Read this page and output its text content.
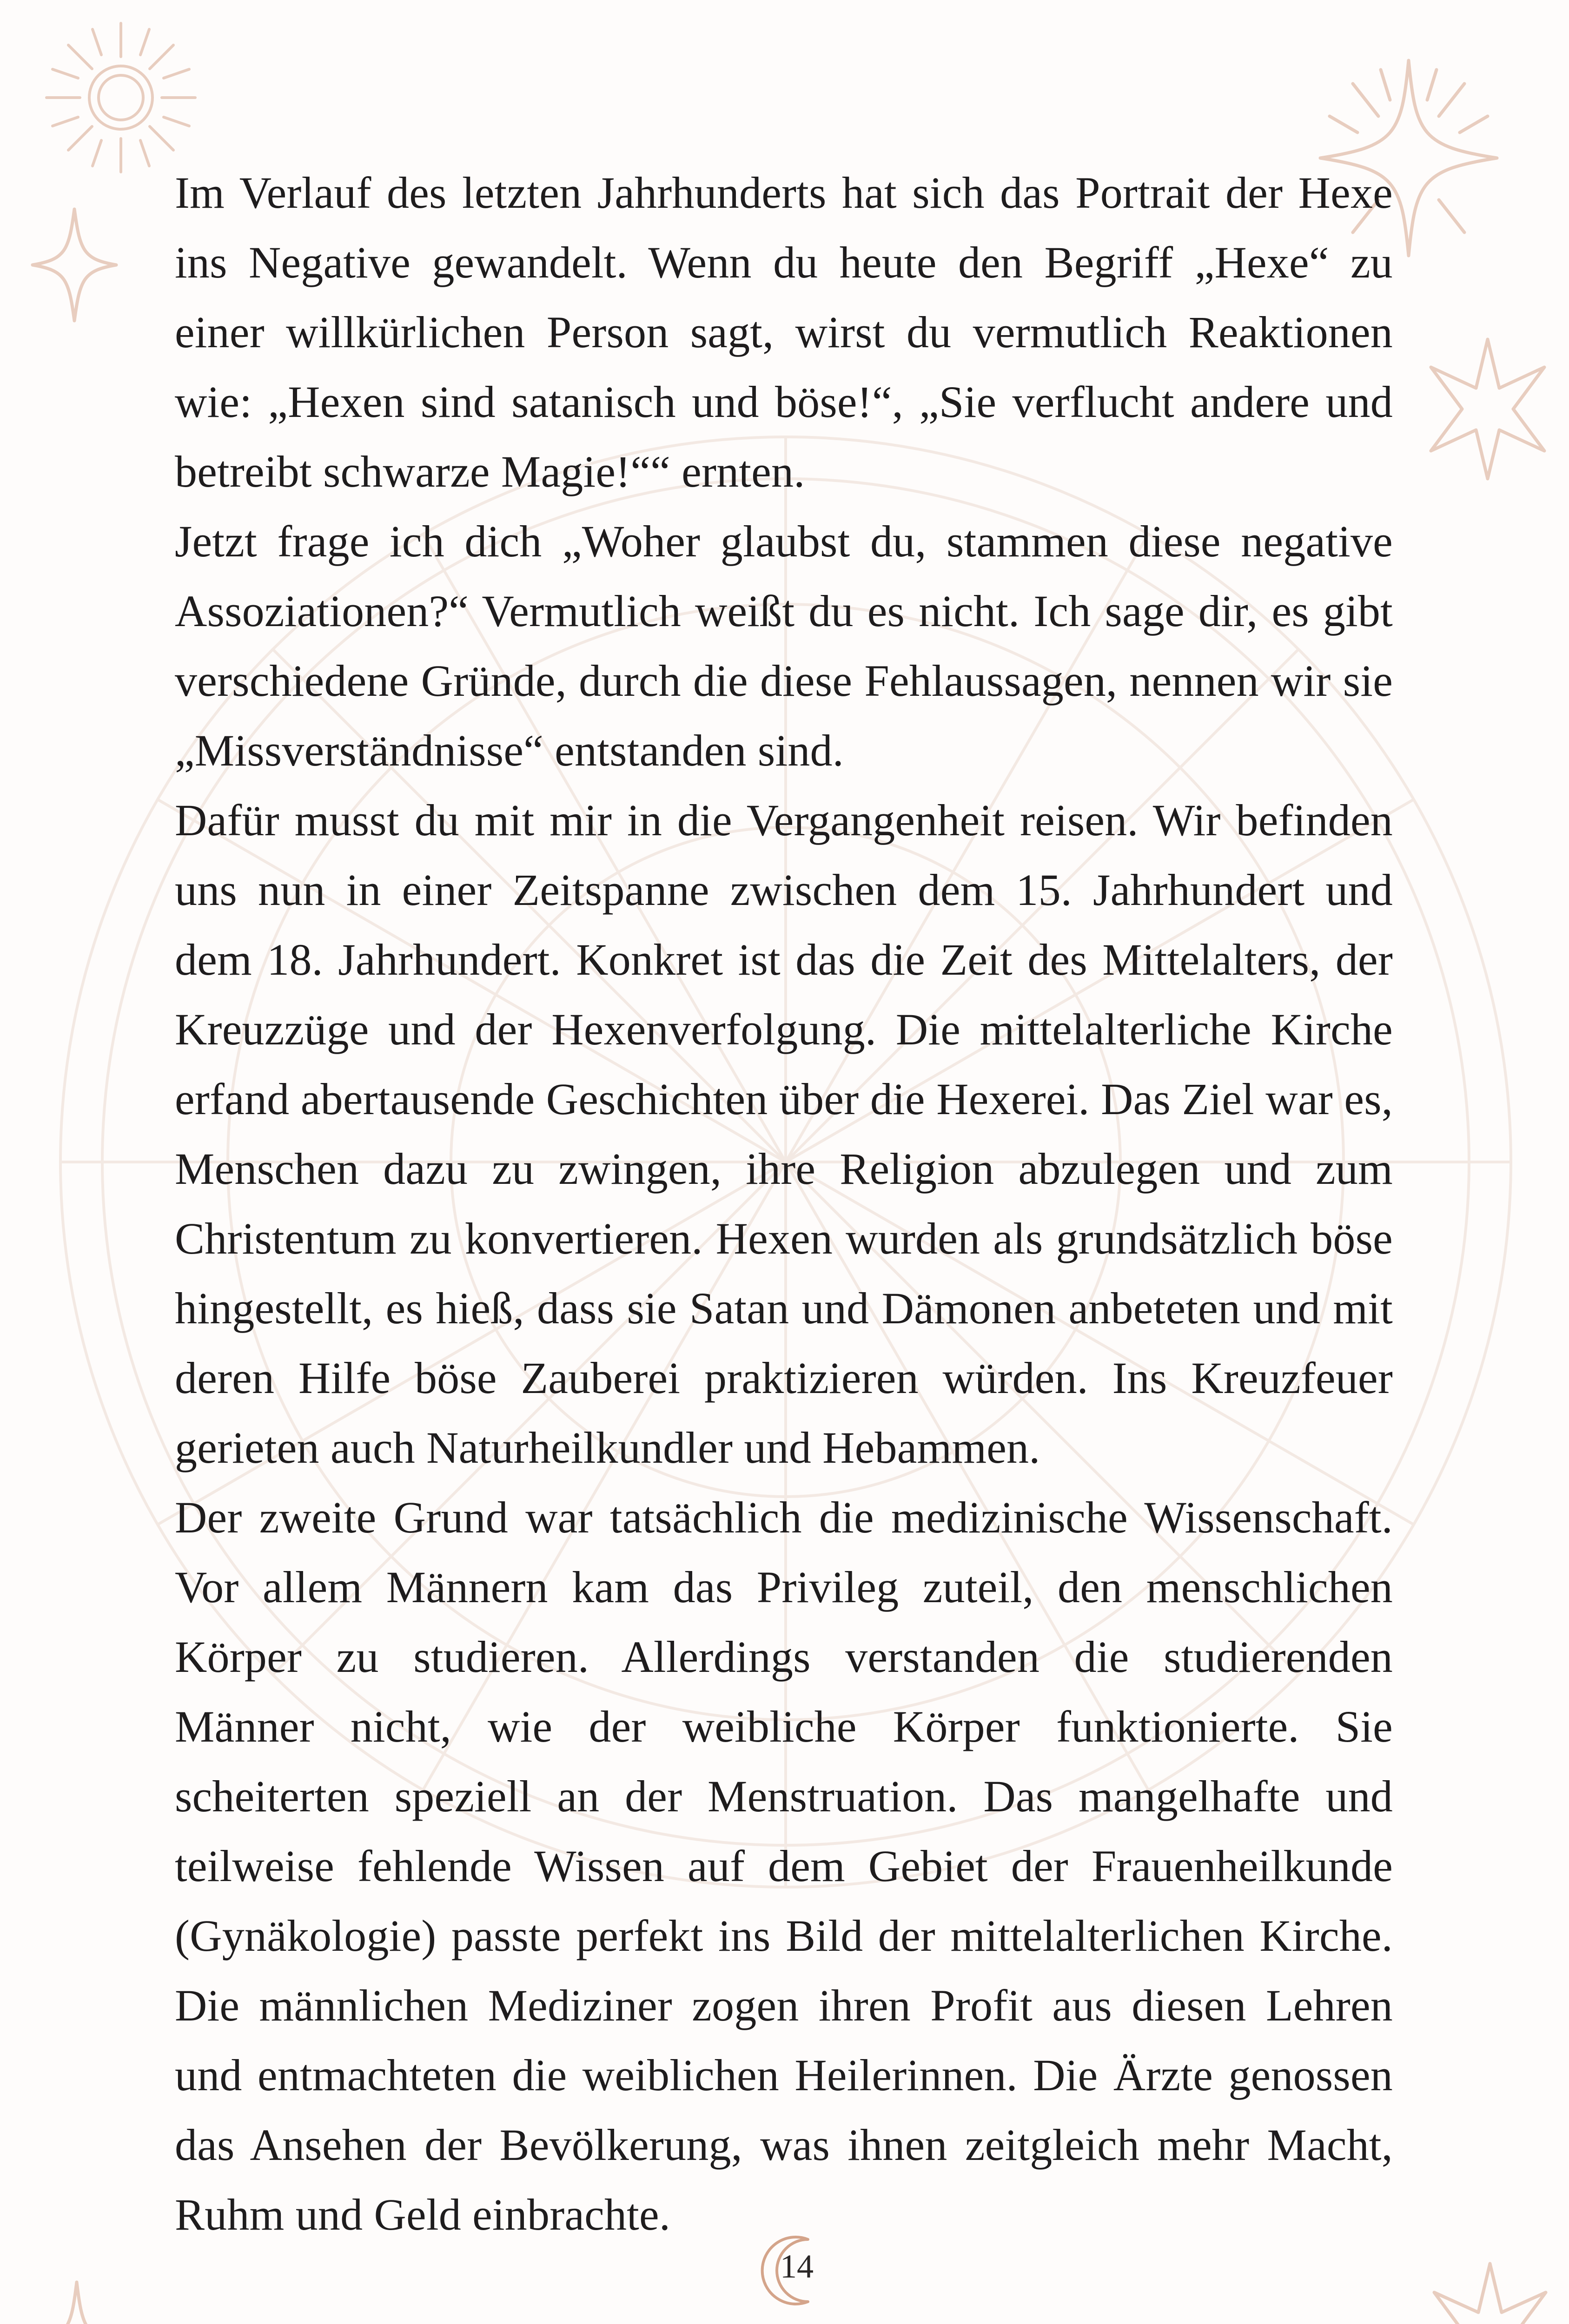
Im Verlauf des letzten Jahrhunderts hat sich das Portrait der Hexe ins Negative gewandelt. Wenn du heute den Begriff „Hexe“ zu einer willkürlichen Person sagt, wirst du vermutlich Reaktionen wie: „Hexen sind satanisch und böse!“, „Sie verflucht andere und betreibt schwarze Magie!““ ernten.

Jetzt frage ich dich „Woher glaubst du, stammen diese negative Assoziationen?“ Vermutlich weißt du es nicht. Ich sage dir, es gibt verschiedene Gründe, durch die diese Fehlaussagen, nennen wir sie „Missverständnisse“ entstanden sind.

Dafür musst du mit mir in die Vergangenheit reisen. Wir befinden uns nun in einer Zeitspanne zwischen dem 15. Jahrhundert und dem 18. Jahrhundert. Konkret ist das die Zeit des Mittelalters, der Kreuzzüge und der Hexenverfolgung. Die mittelalterliche Kirche erfand abertausende Geschichten über die Hexerei. Das Ziel war es, Menschen dazu zu zwingen, ihre Religion abzulegen und zum Christentum zu konvertieren. Hexen wurden als grundsätzlich böse hingestellt, es hieß, dass sie Satan und Dämonen anbeteten und mit deren Hilfe böse Zauberei praktizieren würden. Ins Kreuzfeuer gerieten auch Naturheilkundler und Hebammen.

Der zweite Grund war tatsächlich die medizinische Wissenschaft. Vor allem Männern kam das Privileg zuteil, den menschlichen Körper zu studieren. Allerdings verstanden die studierenden Männer nicht, wie der weibliche Körper funktionierte. Sie scheiterten speziell an der Menstruation. Das mangelhafte und teilweise fehlende Wissen auf dem Gebiet der Frauenheilkunde (Gynäkologie) passte perfekt ins Bild der mittelalterlichen Kirche. Die männlichen Mediziner zogen ihren Profit aus diesen Lehren und entmachteten die weiblichen Heilerinnen. Die Ärzte genossen das Ansehen der Bevölkerung, was ihnen zeitgleich mehr Macht, Ruhm und Geld einbrachte.

14
